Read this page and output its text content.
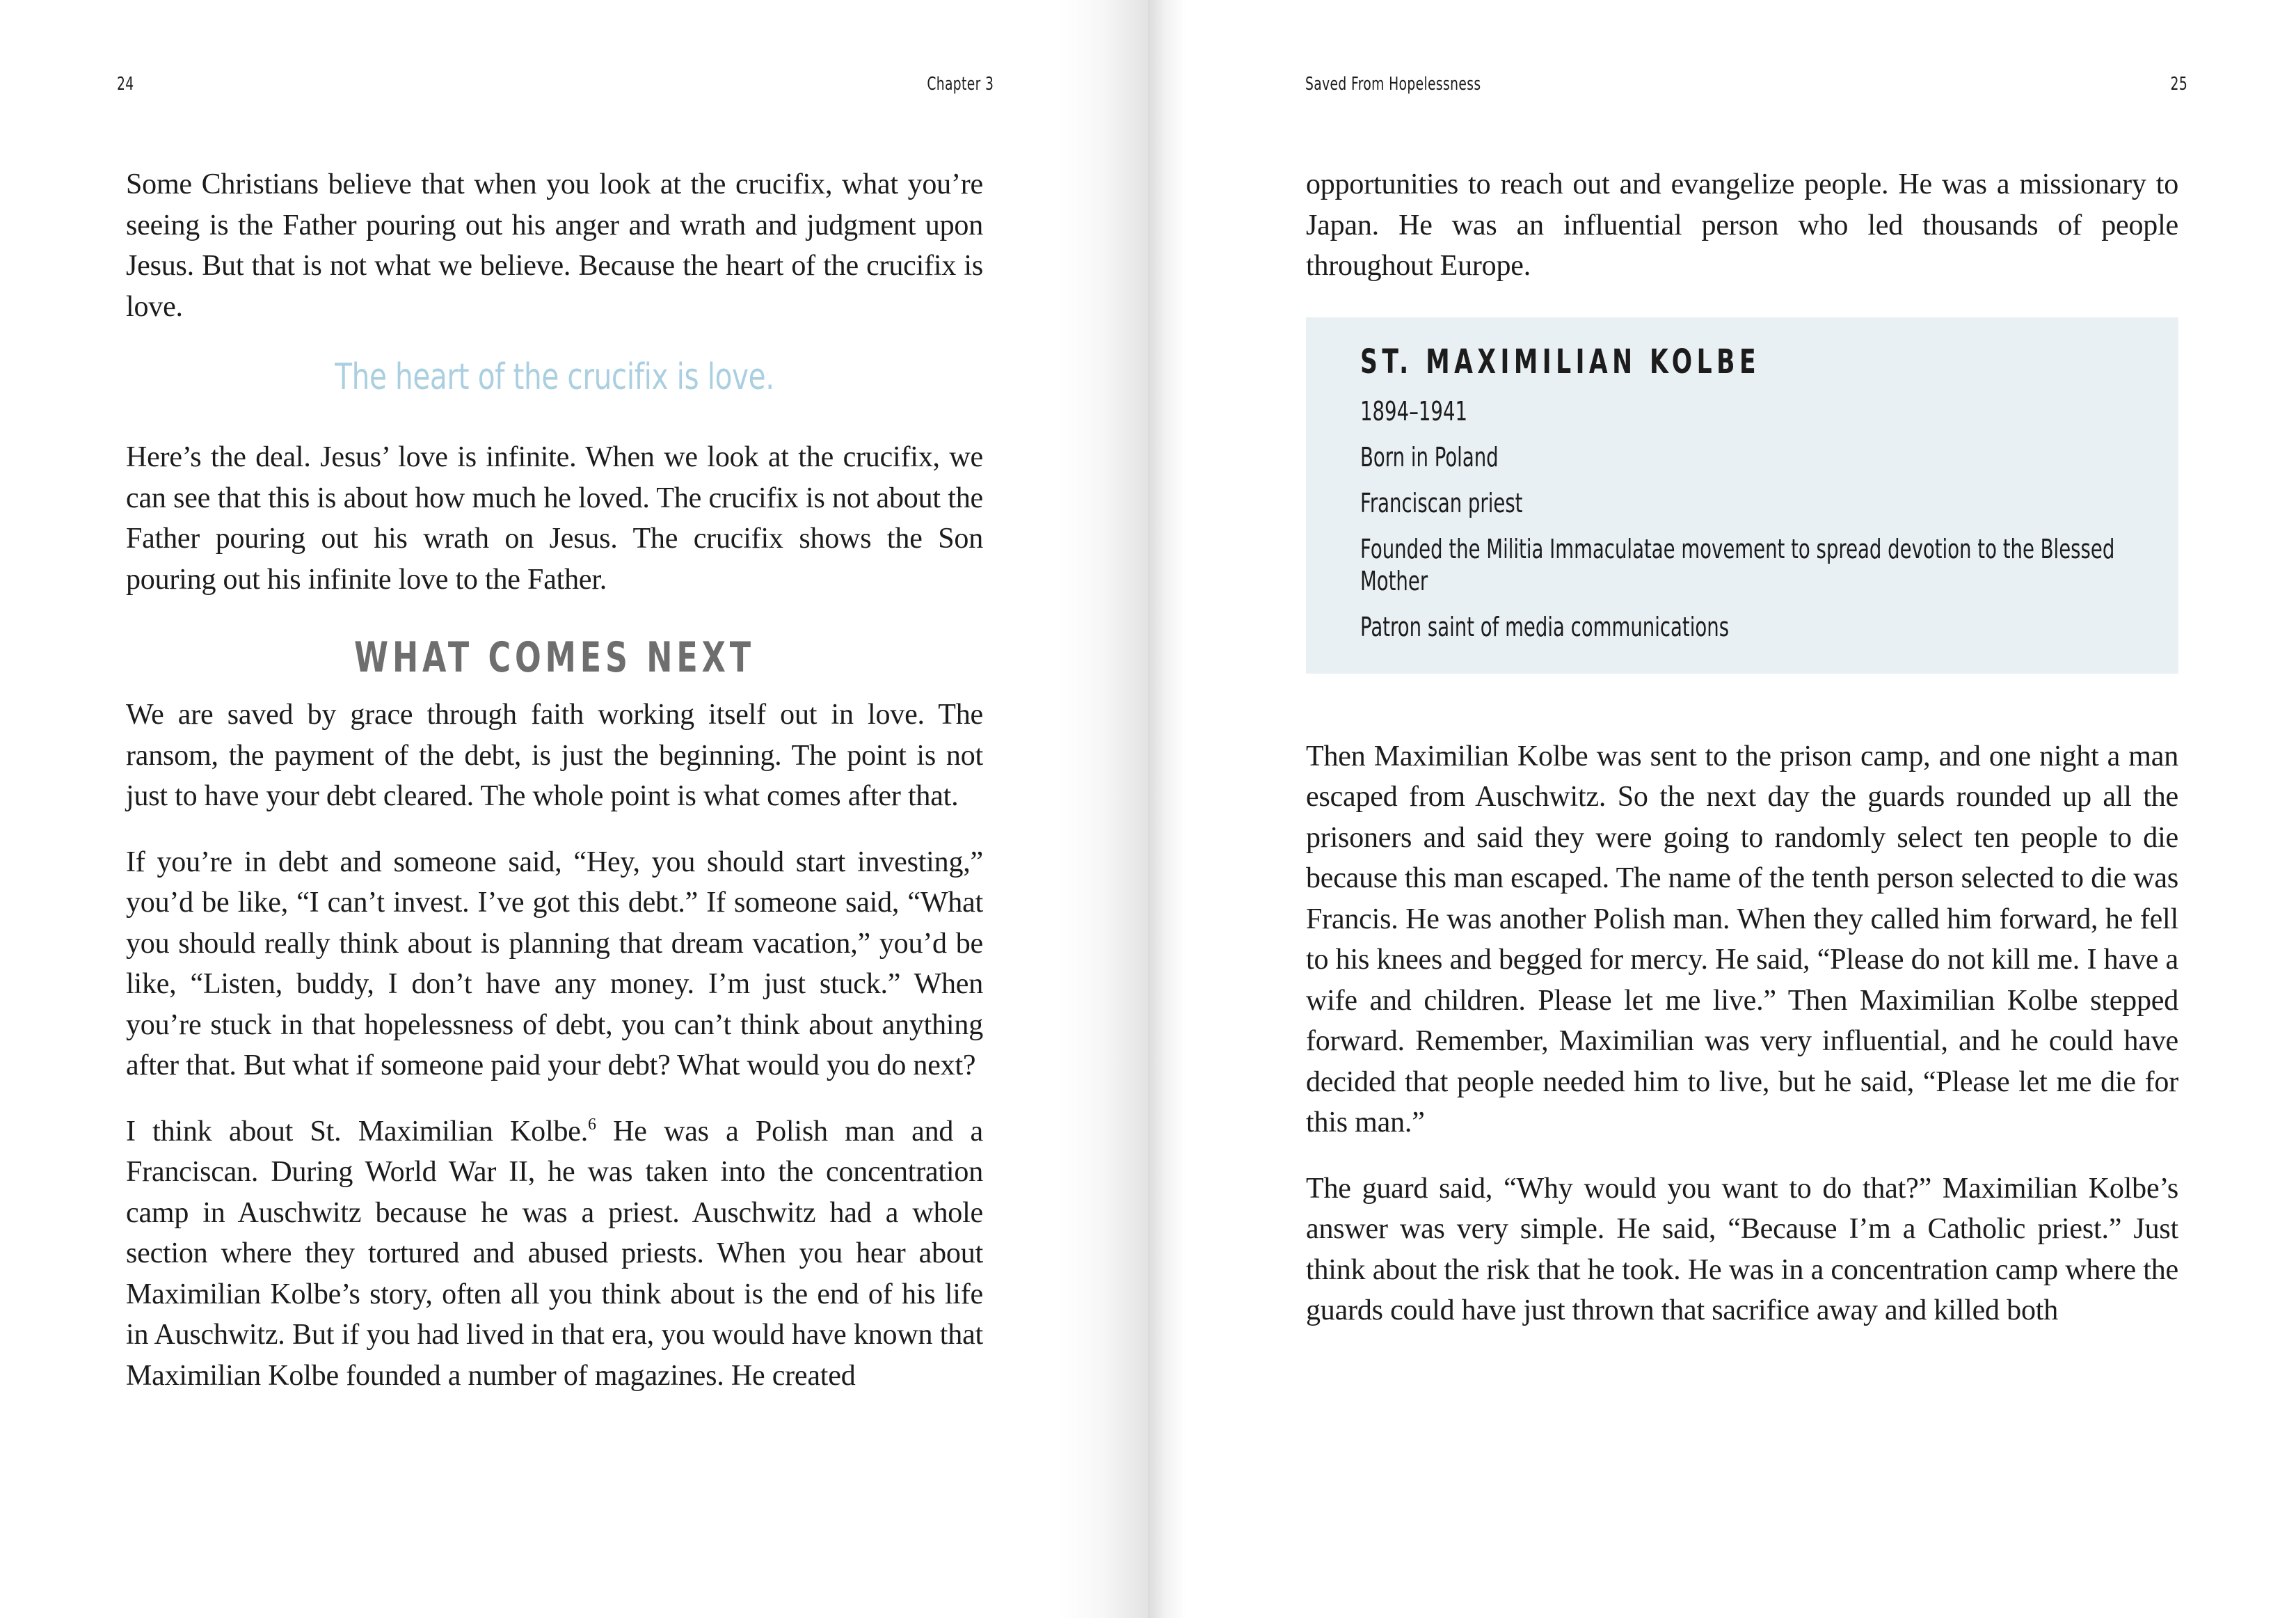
24	Chapter 3

Some Christians believe that when you look at the crucifix, what you’re seeing is the Father pouring out his anger and wrath and judgment upon Jesus. But that is not what we believe. Because the heart of the crucifix is love.

The heart of the crucifix is love.

Here’s the deal. Jesus’ love is infinite. When we look at the crucifix, we can see that this is about how much he loved. The crucifix is not about the Father pouring out his wrath on Jesus. The crucifix shows the Son pouring out his infinite love to the Father.

WHAT COMES NEXT

We are saved by grace through faith working itself out in love. The ransom, the payment of the debt, is just the beginning. The point is not just to have your debt cleared. The whole point is what comes after that.

If you’re in debt and someone said, “Hey, you should start investing,” you’d be like, “I can’t invest. I’ve got this debt.” If someone said, “What you should really think about is planning that dream vacation,” you’d be like, “Listen, buddy, I don’t have any money. I’m just stuck.” When you’re stuck in that hopelessness of debt, you can’t think about anything after that. But what if someone paid your debt? What would you do next?

I think about St. Maximilian Kolbe.$^6$ He was a Polish man and a Franciscan. During World War II, he was taken into the concentration camp in Auschwitz because he was a priest. Auschwitz had a whole section where they tortured and abused priests. When you hear about Maximilian Kolbe’s story, often all you think about is the end of his life in Auschwitz. But if you had lived in that era, you would have known that Maximilian Kolbe founded a number of magazines. He created

Saved From Hopelessness	25

opportunities to reach out and evangelize people. He was a missionary to Japan. He was an influential person who led thousands of people throughout Europe.

ST. MAXIMILIAN KOLBE
1894–1941
Born in Poland
Franciscan priest
Founded the Militia Immaculatae movement to spread devotion to the Blessed Mother
Patron saint of media communications

Then Maximilian Kolbe was sent to the prison camp, and one night a man escaped from Auschwitz. So the next day the guards rounded up all the prisoners and said they were going to randomly select ten people to die because this man escaped. The name of the tenth person selected to die was Francis. He was another Polish man. When they called him forward, he fell to his knees and begged for mercy. He said, “Please do not kill me. I have a wife and children. Please let me live.” Then Maximilian Kolbe stepped forward. Remember, Maximilian was very influential, and he could have decided that people needed him to live, but he said, “Please let me die for this man.”

The guard said, “Why would you want to do that?” Maximilian Kolbe’s answer was very simple. He said, “Because I’m a Catholic priest.” Just think about the risk that he took. He was in a concentration camp where the guards could have just thrown that sacrifice away and killed both
